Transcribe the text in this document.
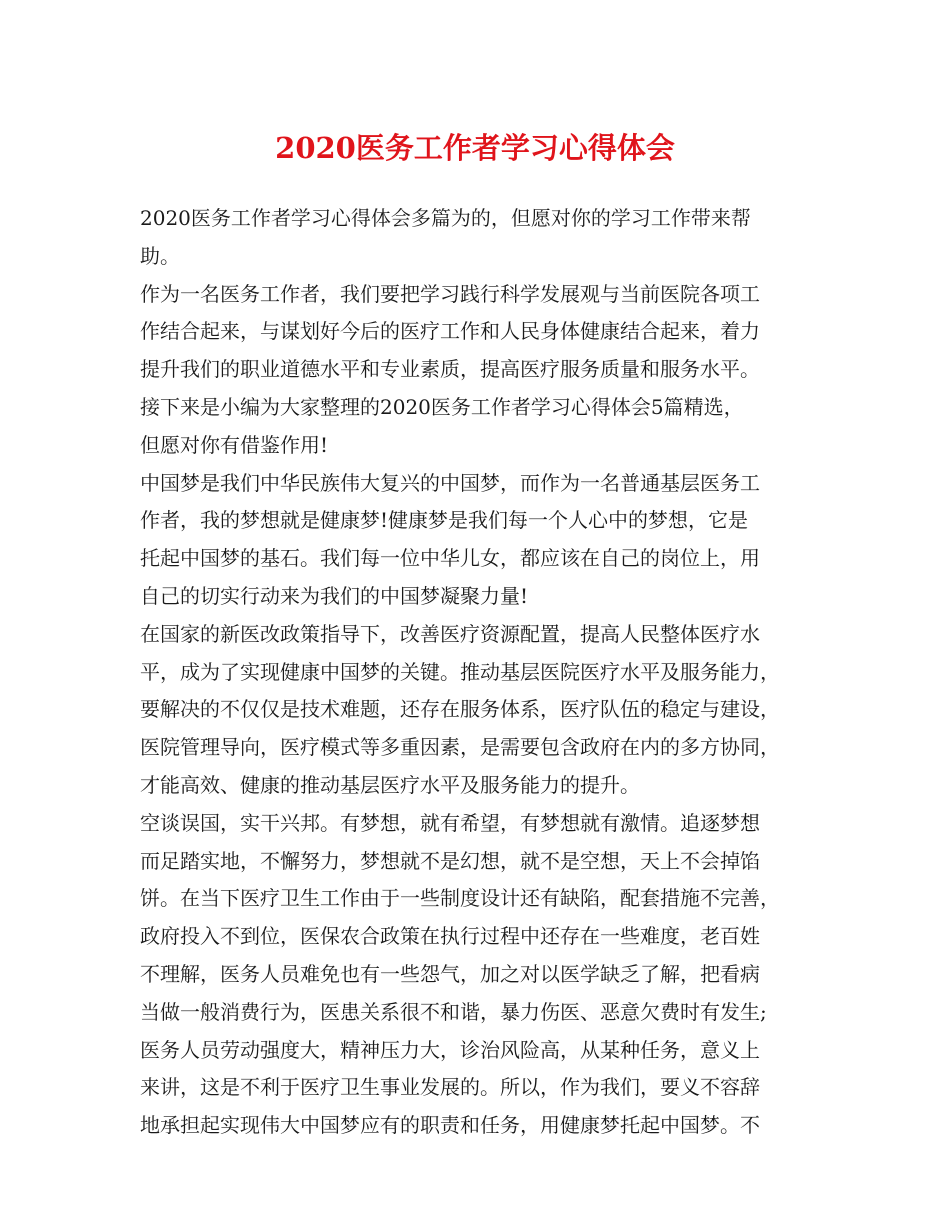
2020医务工作者学习心得体会
2020医务工作者学习心得体会多篇为的，但愿对你的学习工作带来帮
助。
作为一名医务工作者，我们要把学习践行科学发展观与当前医院各项工
作结合起来，与谋划好今后的医疗工作和人民身体健康结合起来，着力
提升我们的职业道德水平和专业素质，提高医疗服务质量和服务水平。
接下来是小编为大家整理的2020医务工作者学习心得体会5篇精选，
但愿对你有借鉴作用!
中国梦是我们中华民族伟大复兴的中国梦，而作为一名普通基层医务工
作者，我的梦想就是健康梦!健康梦是我们每一个人心中的梦想，它是
托起中国梦的基石。我们每一位中华儿女，都应该在自己的岗位上，用
自己的切实行动来为我们的中国梦凝聚力量!
在国家的新医改政策指导下，改善医疗资源配置，提高人民整体医疗水
平，成为了实现健康中国梦的关键。推动基层医院医疗水平及服务能力，
要解决的不仅仅是技术难题，还存在服务体系，医疗队伍的稳定与建设，
医院管理导向，医疗模式等多重因素，是需要包含政府在内的多方协同，
才能高效、健康的推动基层医疗水平及服务能力的提升。
空谈误国，实干兴邦。有梦想，就有希望，有梦想就有激情。追逐梦想
而足踏实地，不懈努力，梦想就不是幻想，就不是空想，天上不会掉馅
饼。在当下医疗卫生工作由于一些制度设计还有缺陷，配套措施不完善，
政府投入不到位，医保农合政策在执行过程中还存在一些难度，老百姓
不理解，医务人员难免也有一些怨气，加之对以医学缺乏了解，把看病
当做一般消费行为，医患关系很不和谐，暴力伤医、恶意欠费时有发生;
医务人员劳动强度大，精神压力大，诊治风险高，从某种任务，意义上
来讲，这是不利于医疗卫生事业发展的。所以，作为我们，要义不容辞
地承担起实现伟大中国梦应有的职责和任务，用健康梦托起中国梦。不
